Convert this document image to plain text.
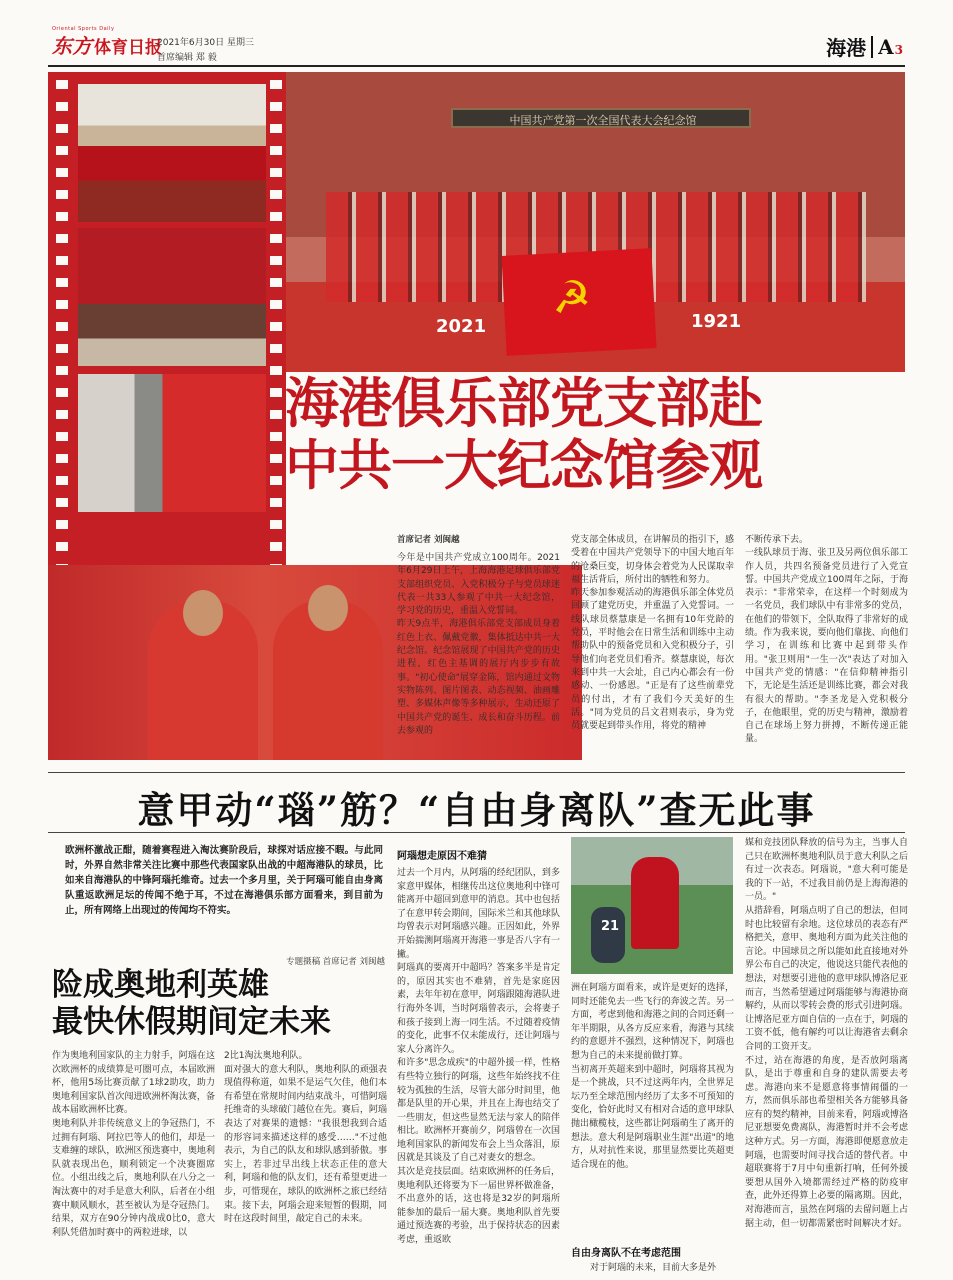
Oriental Sports Daily
东方 体育日报
2021年6月30日 星期三
首席编辑 郑 毅	海港 A3
中国共产党第一次全国代表大会纪念馆
☭
2021	1921
海港俱乐部党支部赴
中共一大纪念馆参观
首席记者 刘闽越
今年是中国共产党成立100周年。2021年6月29日上午，上海海港足球俱乐部党支部组织党员、入党积极分子与党员球迷代表一共33人参观了中共一大纪念馆，学习党的历史，重温入党誓词。
昨天9点半，海港俱乐部党支部成员身着红色上衣、佩戴党徽，集体抵达中共一大纪念馆。纪念馆展现了中国共产党的历史进程，红色主基调的展厅内步步有故事。"初心使命"展穿金陈，馆内通过文物实物陈列、图片图表、动态视频、油画雕塑、多媒体声像等多种展示，生动还原了中国共产党的诞生、成长和奋斗历程。前去参观的
党支部全体成员，在讲解员的指引下，感受着在中国共产党领导下的中国大地百年的沧桑巨变，切身体会着党为人民谋取幸福生活背后，所付出的牺牲和努力。
昨天参加参观活动的海港俱乐部全体党员回顾了建党历史，并重温了入党誓词。一线队球员蔡慧康是一名拥有10年党龄的党员，平时他会在日常生活和训练中主动帮助队中的预备党员和入党积极分子，引导他们向老党员们看齐。蔡慧康说，每次来到中共一大会址，自己内心都会有一份感动、一份感恩。"正是有了这些前辈党员的付出，才有了我们今天美好的生活。"同为党员的吕文君则表示，身为党员就要起到带头作用，将党的精神
不断传承下去。
一线队球员于海、张卫及另两位俱乐部工作人员，共四名预备党员进行了入党宣誓。中国共产党成立100周年之际，于海表示："非常荣幸，在这样一个时刻成为一名党员，我们球队中有非常多的党员，在他们的带领下，全队取得了非常好的成绩。作为我来说，要向他们靠拢、向他们学习，在训练和比赛中起到带头作用。"张卫则用"一生一次"表达了对加入中国共产党的情感："在信仰精神指引下，无论是生活还是训练比赛，都会对我有很大的帮助。"李圣龙是入党积极分子，在他眼里，党的历史与精神，激励着自己在球场上努力拼搏，不断传递正能量。
意甲动“瑙”筋？“自由身离队”查无此事
欧洲杯激战正酣，随着赛程进入淘汰赛阶段后，球探对话应接不暇。与此同时，外界自然非常关注比赛中那些代表国家队出战的中超海港队的球员，比如来自海港队的中锋阿瑙托维奇。过去一个多月里，关于阿瑙可能自由身离队重返欧洲足坛的传闻不绝于耳，不过在海港俱乐部方面看来，到目前为止，所有网络上出现过的传闻均不符实。
专题摄稿 首席记者 刘闽越
险成奥地利英雄
最快休假期间定未来
作为奥地利国家队的主力射手，阿瑙在这次欧洲杯的成绩算是可圈可点，本届欧洲杯，他用5场比赛贡献了1球2助攻，助力奥地利国家队首次闯进欧洲杯淘汰赛，备战本届欧洲杯比赛。
奥地利队并非传统意义上的争冠热门，不过拥有阿瑙、阿拉巴等人的他们，却是一支难缠的球队，欧洲区预选赛中，奥地利队就表现出色，顺利锁定一个决赛圈席位。小组出线之后，奥地利队在八分之一淘汰赛中的对手是意大利队，后者在小组赛中顺风顺水，甚至被认为是夺冠热门。结果，双方在90分钟内战成0比0，意大利队凭借加时赛中的两粒进球，以
2比1淘汰奥地利队。
面对强大的意大利队，奥地利队的顽强表现值得称道，如果不是运气欠佳，他们本有希望在常规时间内结束战斗，可惜阿瑙托维奇的头球破门越位在先。赛后，阿瑙表达了对赛果的遗憾："我很想我到合适的形容词来描述这样的感受……"不过他表示，为自己的队友和球队感到骄傲。事实上，若非过早出线上状态正佳的意大利，阿瑙和他的队友们，还有希望更进一步，可惜现在，球队的欧洲杯之旅已经结束。接下去，阿瑙会迎来短暂的假期，同时在这段时间里，敲定自己的未来。
阿瑙想走原因不难猜
过去一个月内，从阿瑙的经纪团队，到多家意甲媒体，相继传出这位奥地利中锋可能离开中超回到意甲的消息。其中也包括了在意甲转会期间，国际米兰和其他球队均曾表示对阿瑙感兴趣。正因如此，外界开始揣测阿瑙离开海港一事是否八字有一撇。
阿瑙真的要离开中超吗？答案多半是肯定的，原因其实也不难猜，首先是家庭因素，去年年初在意甲，阿瑙跟随海港队进行海外冬训，当时阿瑙曾表示，会将妻子和孩子接到上海一同生活。不过随着疫情的变化，此事不仅未能成行，还让阿瑙与家人分离许久。
和许多"思念成疾"的中超外援一样，性格有些特立独行的阿瑙，这些年始终找不住较为孤独的生活，尽管大部分时间里，他都是队里的开心果，并且在上海也结交了一些朋友，但这些显然无法与家人的陪伴相比。欧洲杯开赛前夕，阿瑙曾在一次国地利国家队的新闻发布会上当众落泪，原因就是其谈及了自己对妻女的想念。
其次是竞技层面。结束欧洲杯的任务后，奥地利队还将要为下一届世界杯做准备，不出意外的话，这也将是32岁的阿瑙所能参加的最后一届大赛。奥地利队首先要通过预选赛的考验，出于保持状态的因素考虑，重返欧
21
洲在阿瑙方面看来，或许是更好的选择，同时还能免去一些飞行的奔波之苦。另一方面，考虑到他和海港之间的合同还剩一年半期限，从各方反应来看，海港与其续约的意愿并不强烈，这种情况下，阿瑙也想为自己的未来提前做打算。
当初离开英超来到中超时，阿瑙将其视为是一个挑战，只不过这两年内，全世界足坛乃至全球范围内经历了太多不可预知的变化，恰好此时又有相对合适的意甲球队抛出橄榄枝，这些都让阿瑙萌生了离开的想法。意大利是阿瑙职业生涯"出道"的地方，从对抗性来说，那里显然要比英超更适合现在的他。
自由身离队不在考虑范围
对于阿瑙的未来，目前大多是外
媒和竞技团队释放的信号为主，当事人自己只在欧洲杯奥地利队员于意大利队之后有过一次表态。阿瑙说，"意大利可能是我的下一站，不过我目前仍是上海海港的一员。"
从措辞看，阿瑙点明了自己的想法，但同时也比较留有余地。这位球员的表态有严格把关，意甲、奥地利方面为此关注他的言论。中国球员之所以能如此直接地对外界公布自己的决定，他说这只能代表他的想法，对想要引进他的意甲球队博洛尼亚而言，当然希望通过阿瑙能够与海港协商解约，从而以零转会费的形式引进阿瑙。让博洛尼亚方面自信的一点在于，阿瑙的工资不低，他有解约可以让海港省去剩余合同的工资开支。
不过，站在海港的角度，是否放阿瑙离队，是出于尊重和自身的建队需要去考虑。海港向来不是愿意将事情闹僵的一方，然而俱乐部也希望相关各方能够具备应有的契约精神，目前来看，阿瑙或博洛尼亚想要免费离队，海港暂时并不会考虑这种方式。另一方面，海港即便愿意放走阿瑙，也需要时间寻找合适的替代者。中超联赛将于7月中旬重新打响，任何外援要想从国外入境都需经过严格的防疫审查，此外还得算上必要的隔离期。因此，对海港而言，虽然在阿瑙的去留问题上占据主动，但一切都需紧密时间解决才好。
